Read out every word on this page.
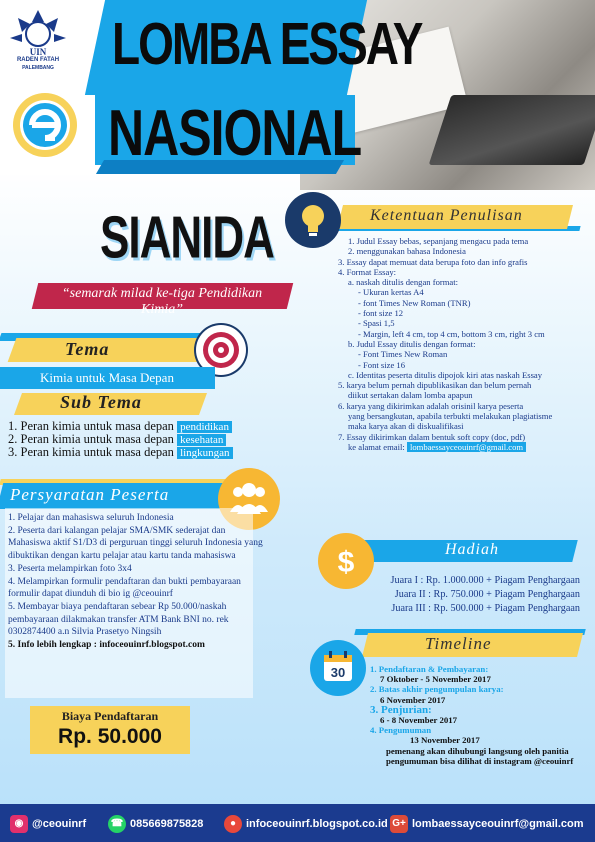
UIN
RADEN FATAH
PALEMBANG	LOMBA ESSAY
NASIONAL
SIANIDA
“semarak milad ke-tiga Pendidikan Kimia”
Tema
Kimia untuk Masa Depan
Sub Tema
1. Peran kimia untuk masa depan pendidikan
2. Peran kimia untuk masa depan kesehatan
3. Peran kimia untuk masa depan lingkungan
Persyaratan Peserta
1. Pelajar dan mahasiswa seluruh Indonesia
2. Peserta dari kalangan pelajar SMA/SMK sederajat dan Mahasiswa aktif S1/D3 di perguruan tinggi seluruh Indonesia yang dibuktikan dengan kartu pelajar atau kartu tanda mahasiswa
3. Peserta melampirkan foto 3x4
4. Melampirkan formulir pendaftaran dan bukti pembayaraan formulir dapat diunduh di bio ig @ceouinrf
5. Membayar biaya pendaftaran sebear Rp 50.000/naskah pembayaraan dilakmakan transfer ATM Bank BNI no. rek 0302874400 a.n Silvia Prasetyo Ningsih
5. Info lebih lengkap : infoceouinrf.blogspot.com
Biaya Pendaftaran
Rp. 50.000
Ketentuan Penulisan
1. Judul Essay bebas, sepanjang mengacu pada tema
2. menggunakan bahasa Indonesia
3. Essay dapat memuat data berupa foto dan info grafis
4. Format Essay:
a. naskah ditulis dengan format:
- Ukuran kertas A4
- font Times New Roman (TNR)
- font size 12
- Spasi 1,5
- Margin, left 4 cm, top 4 cm, bottom 3 cm, right 3 cm
b. Judul Essay ditulis dengan format:
- Font Times New Roman
- Font size 16
c. Identitas peserta ditulis dipojok kiri atas naskah Essay
5. karya belum pernah dipublikasikan dan belum pernah
diikut sertakan dalam lomba apapun
6. karya yang dikirimkan adalah orisinil karya peserta
yang bersangkutan, apabila terbukti melakukan plagiatisme
maka karya akan di diskualifikasi
7. Essay dikirimkan dalam bentuk soft copy (doc, pdf)
ke alamat email: lombaessayceouinrf@gmail.com
Hadiah
$
Juara I : Rp. 1.000.000 + Piagam Penghargaan
Juara II : Rp. 750.000 + Piagam Penghargaan
Juara III : Rp. 500.000 + Piagam Penghargaan
Timeline
30	1. Pendaftaran & Pembayaran:
7 Oktober - 5 November 2017
2. Batas akhir pengumpulan karya:
6 November 2017
3. Penjurian:
6 - 8 November 2017
4. Pengumuman
13 November 2017
pemenang akan dihubungi langsung oleh panitia
pengumuman bisa dilihat di instagram @ceouinrf
◉ @ceouinrf ☎ 085669875828	● infoceouinrf.blogspot.co.id G+ lombaessayceouinrf@gmail.com
